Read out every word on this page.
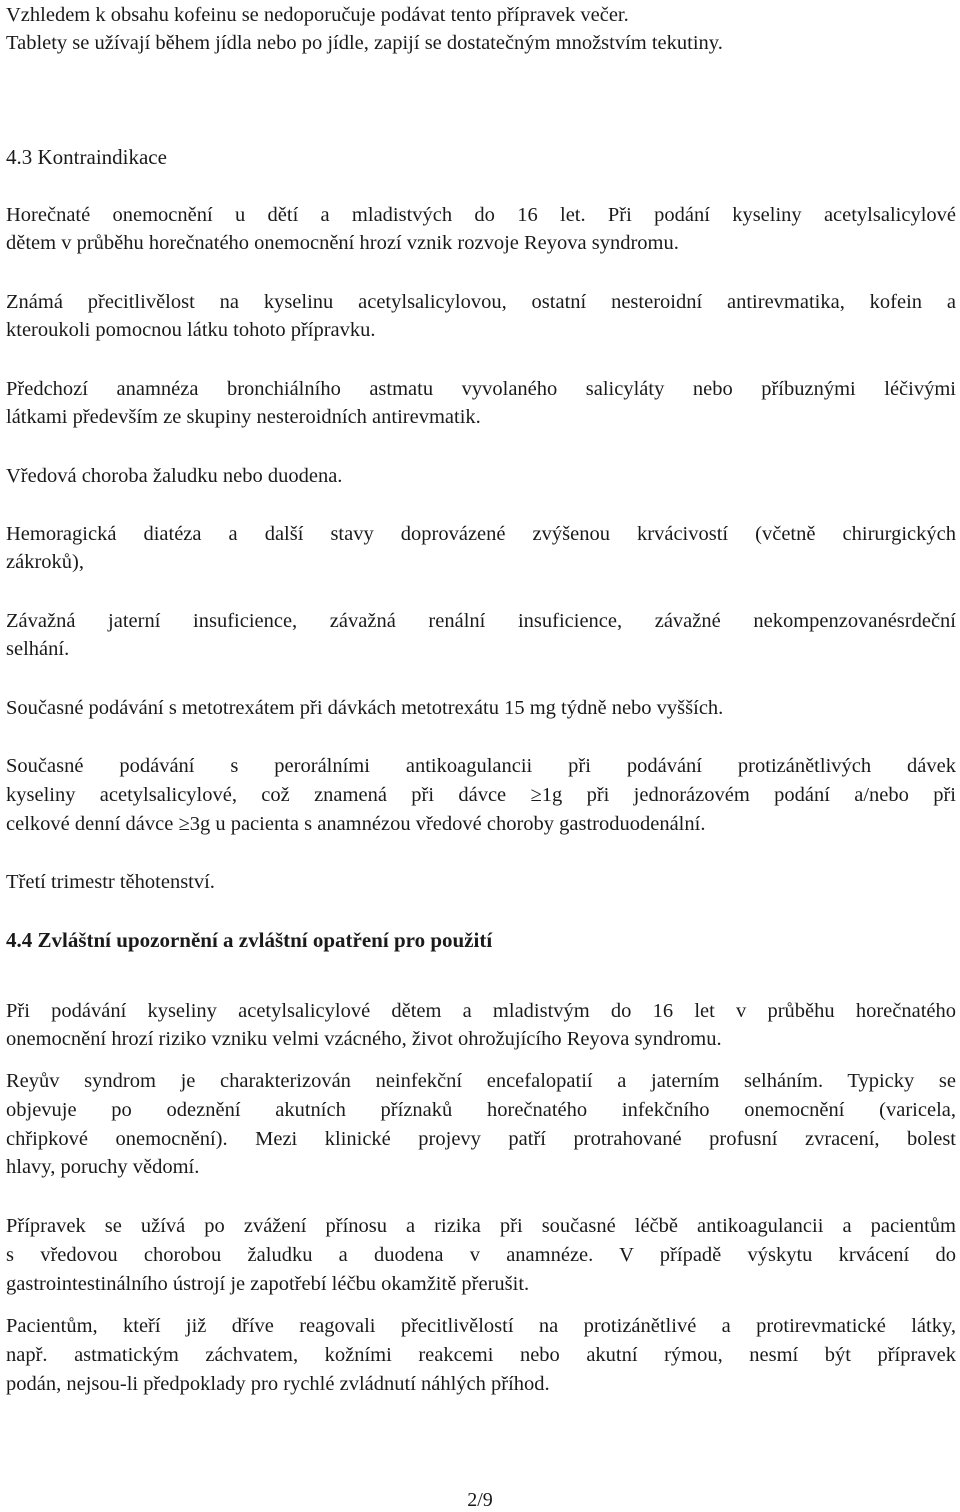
Vzhledem k obsahu kofeinu se nedoporučuje podávat tento přípravek večer.
Tablety se užívají během jídla nebo po jídle, zapijí se dostatečným množstvím tekutiny.
4.3 Kontraindikace
Horečnaté onemocnění u dětí a mladistvých do 16 let. Při podání kyseliny acetylsalicylové
dětem v průběhu horečnatého onemocnění hrozí vznik rozvoje Reyova syndromu.
Známá přecitlivělost na kyselinu acetylsalicylovou, ostatní nesteroidní antirevmatika, kofein a
kteroukoli pomocnou látku tohoto přípravku.
Předchozí anamnéza bronchiálního astmatu vyvolaného salicyláty nebo příbuznými léčivými
látkami především ze skupiny nesteroidních antirevmatik.
Vředová choroba žaludku nebo duodena.
Hemoragická diatéza a další stavy doprovázené zvýšenou krvácivostí (včetně chirurgických
zákroků),
Závažná jaterní insuficience, závažná renální insuficience, závažné nekompenzovanésrdeční
selhání.
Současné podávání s metotrexátem při dávkách metotrexátu 15 mg týdně nebo vyšších.
Současné podávání s perorálními antikoagulancii při podávání protizánětlivých dávek
kyseliny acetylsalicylové, což znamená při dávce ≥1g při jednorázovém podání a/nebo při
celkové denní dávce ≥3g u pacienta s anamnézou vředové choroby gastroduodenální.
Třetí trimestr těhotenství.
4.4 Zvláštní upozornění a zvláštní opatření pro použití
Při podávání kyseliny acetylsalicylové dětem a mladistvým do 16 let v průběhu horečnatého
onemocnění hrozí riziko vzniku velmi vzácného, život ohrožujícího Reyova syndromu.
Reyův syndrom je charakterizován neinfekční encefalopatií a jaterním selháním. Typicky se
objevuje po odeznění akutních příznaků horečnatého infekčního onemocnění (varicela,
chřipkové onemocnění). Mezi klinické projevy patří protrahované profusní zvracení, bolest
hlavy, poruchy vědomí.
Přípravek se užívá po zvážení přínosu a rizika při současné léčbě antikoagulancii a pacientům
s vředovou chorobou žaludku a duodena v anamnéze. V případě výskytu krvácení do
gastrointestinálního ústrojí je zapotřebí léčbu okamžitě přerušit.
Pacientům, kteří již dříve reagovali přecitlivělostí na protizánětlivé a protirevmatické látky,
např. astmatickým záchvatem, kožními reakcemi nebo akutní rýmou, nesmí být přípravek
podán, nejsou-li předpoklady pro rychlé zvládnutí náhlých příhod.
2/9
